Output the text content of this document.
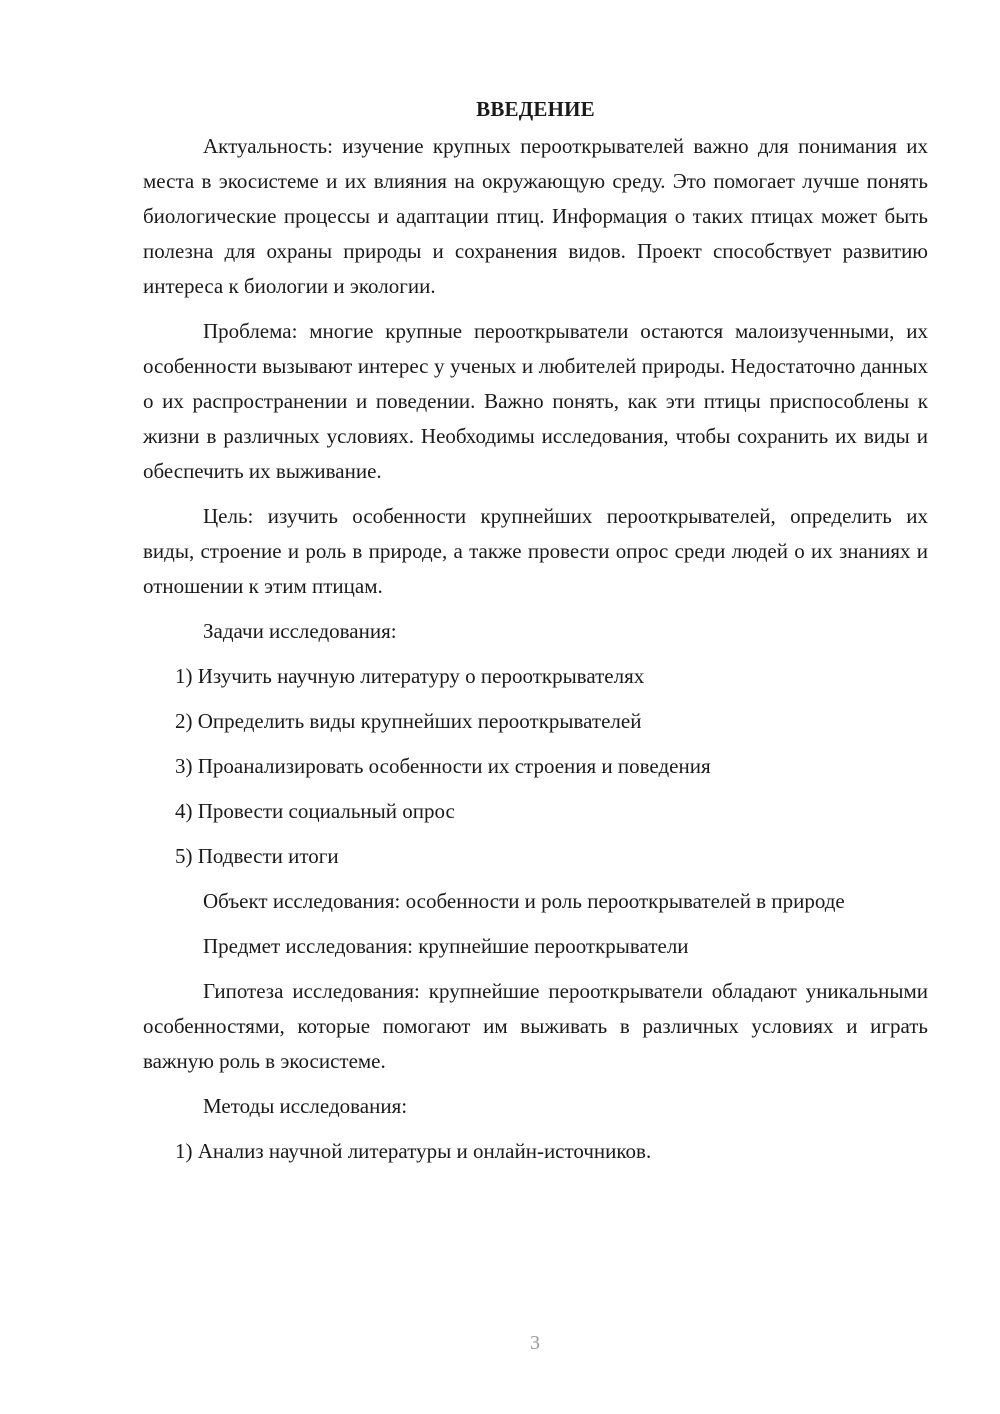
ВВЕДЕНИЕ

Актуальность: изучение крупных перооткрывателей важно для понимания их места в экосистеме и их влияния на окружающую среду. Это помогает лучше понять биологические процессы и адаптации птиц. Информация о таких птицах может быть полезна для охраны природы и сохранения видов. Проект способствует развитию интереса к биологии и экологии.

Проблема: многие крупные перооткрыватели остаются малоизученными, их особенности вызывают интерес у ученых и любителей природы. Недостаточно данных о их распространении и поведении. Важно понять, как эти птицы приспособлены к жизни в различных условиях. Необходимы исследования, чтобы сохранить их виды и обеспечить их выживание.

Цель: изучить особенности крупнейших перооткрывателей, определить их виды, строение и роль в природе, а также провести опрос среди людей о их знаниях и отношении к этим птицам.

Задачи исследования:

1) Изучить научную литературу о перооткрывателях
2) Определить виды крупнейших перооткрывателей
3) Проанализировать особенности их строения и поведения
4) Провести социальный опрос
5) Подвести итоги

Объект исследования: особенности и роль перооткрывателей в природе

Предмет исследования: крупнейшие перооткрыватели

Гипотеза исследования: крупнейшие перооткрыватели обладают уникальными особенностями, которые помогают им выживать в различных условиях и играть важную роль в экосистеме.

Методы исследования:

1) Анализ научной литературы и онлайн-источников.
3
